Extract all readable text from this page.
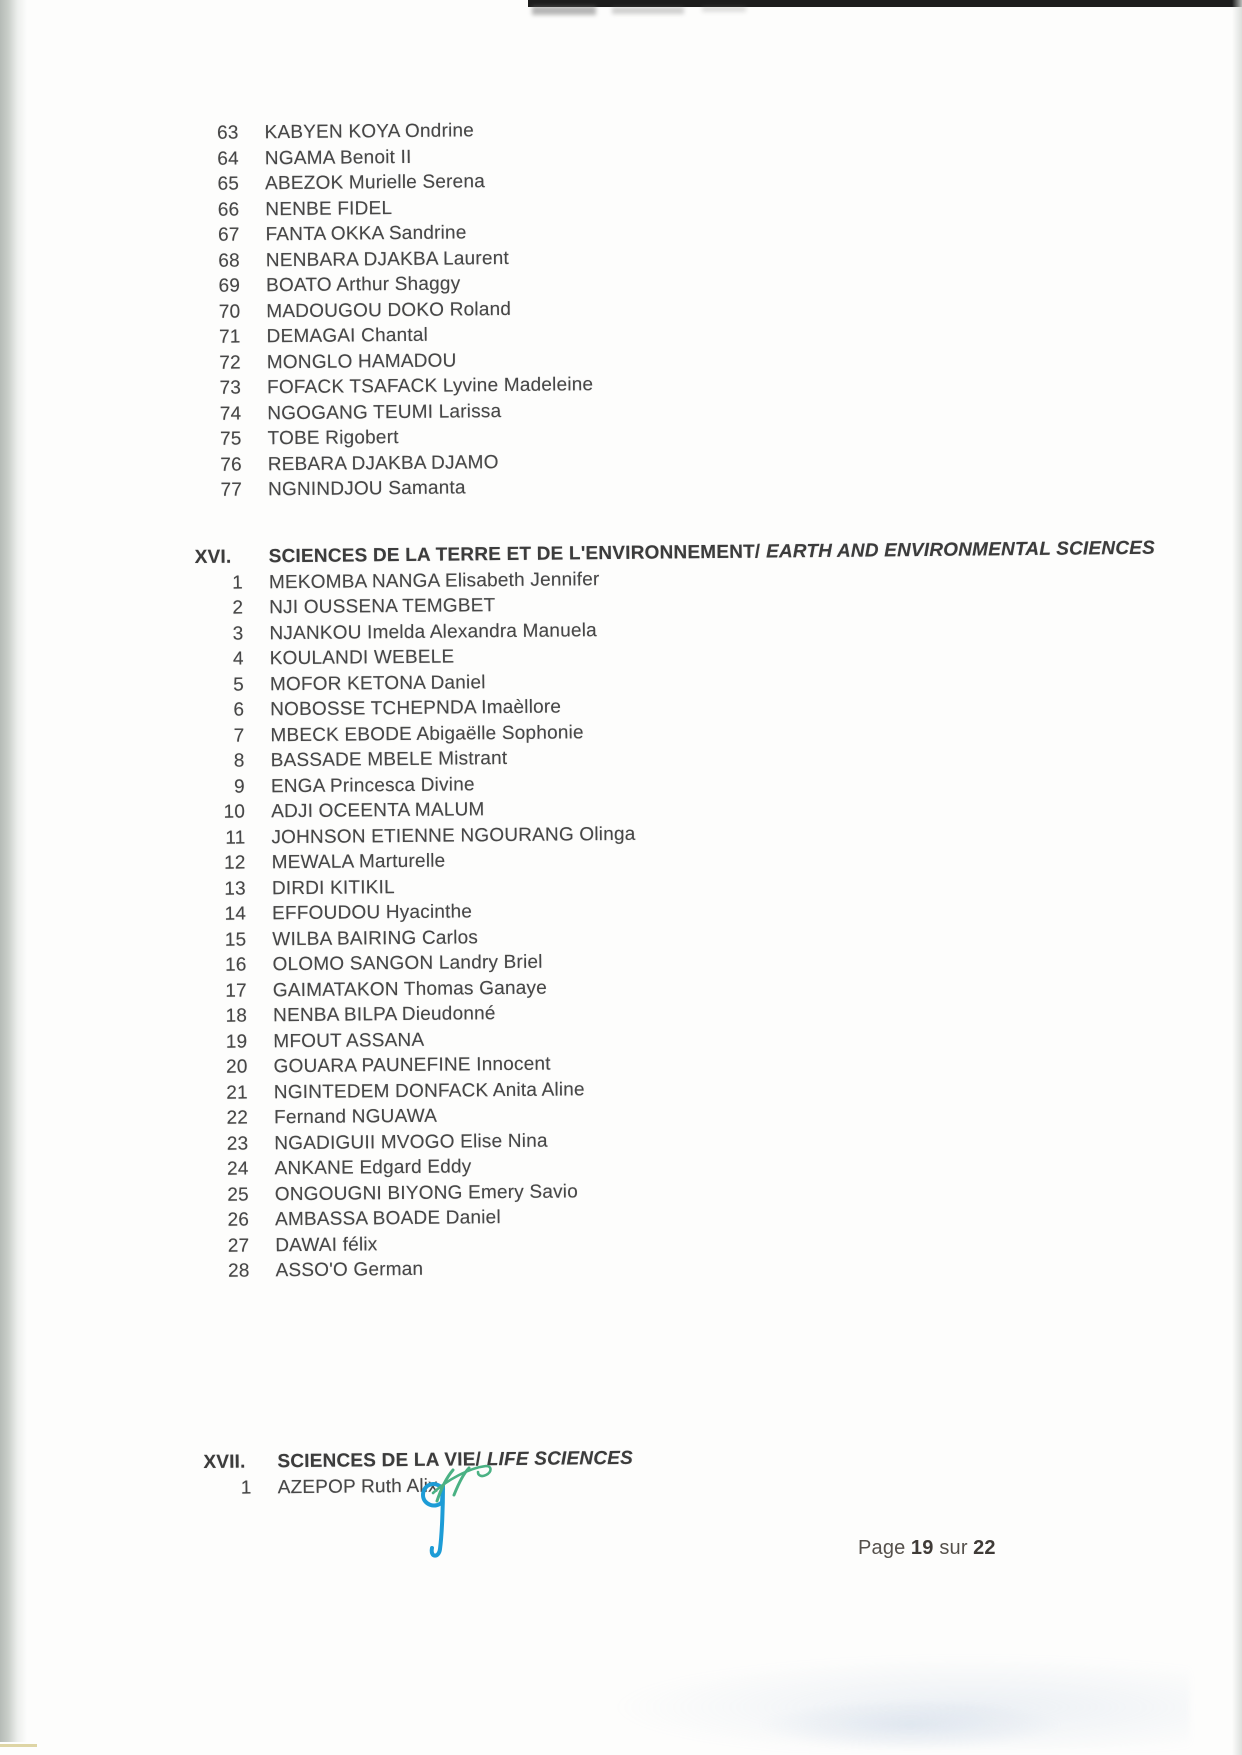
63	KABYEN KOYA Ondrine
64	NGAMA Benoit II
65	ABEZOK Murielle Serena
66	NENBE FIDEL
67	FANTA OKKA Sandrine
68	NENBARA DJAKBA Laurent
69	BOATO Arthur Shaggy
70	MADOUGOU DOKO Roland
71	DEMAGAI Chantal
72	MONGLO HAMADOU
73	FOFACK TSAFACK Lyvine Madeleine
74	NGOGANG TEUMI Larissa
75	TOBE Rigobert
76	REBARA DJAKBA DJAMO
77	NGNINDJOU Samanta
XVI.	SCIENCES DE LA TERRE ET DE L'ENVIRONNEMENT/ EARTH AND ENVIRONMENTAL SCIENCES
1	MEKOMBA NANGA Elisabeth Jennifer
2	NJI OUSSENA TEMGBET
3	NJANKOU Imelda Alexandra Manuela
4	KOULANDI WEBELE
5	MOFOR KETONA Daniel
6	NOBOSSE TCHEPNDA Imaèllore
7	MBECK EBODE Abigaëlle Sophonie
8	BASSADE MBELE Mistrant
9	ENGA Princesca Divine
10	ADJI OCEENTA MALUM
11	JOHNSON ETIENNE NGOURANG Olinga
12	MEWALA Marturelle
13	DIRDI KITIKIL
14	EFFOUDOU Hyacinthe
15	WILBA BAIRING Carlos
16	OLOMO SANGON Landry Briel
17	GAIMATAKON Thomas Ganaye
18	NENBA BILPA Dieudonné
19	MFOUT ASSANA
20	GOUARA PAUNEFINE Innocent
21	NGINTEDEM DONFACK Anita Aline
22	Fernand NGUAWA
23	NGADIGUII MVOGO Elise Nina
24	ANKANE Edgard Eddy
25	ONGOUGNI BIYONG Emery Savio
26	AMBASSA BOADE Daniel
27	DAWAI félix
28	ASSO'O German
XVII.	SCIENCES DE LA VIE/ LIFE SCIENCES
1	AZEPOP Ruth Alix
Page 19 sur 22
